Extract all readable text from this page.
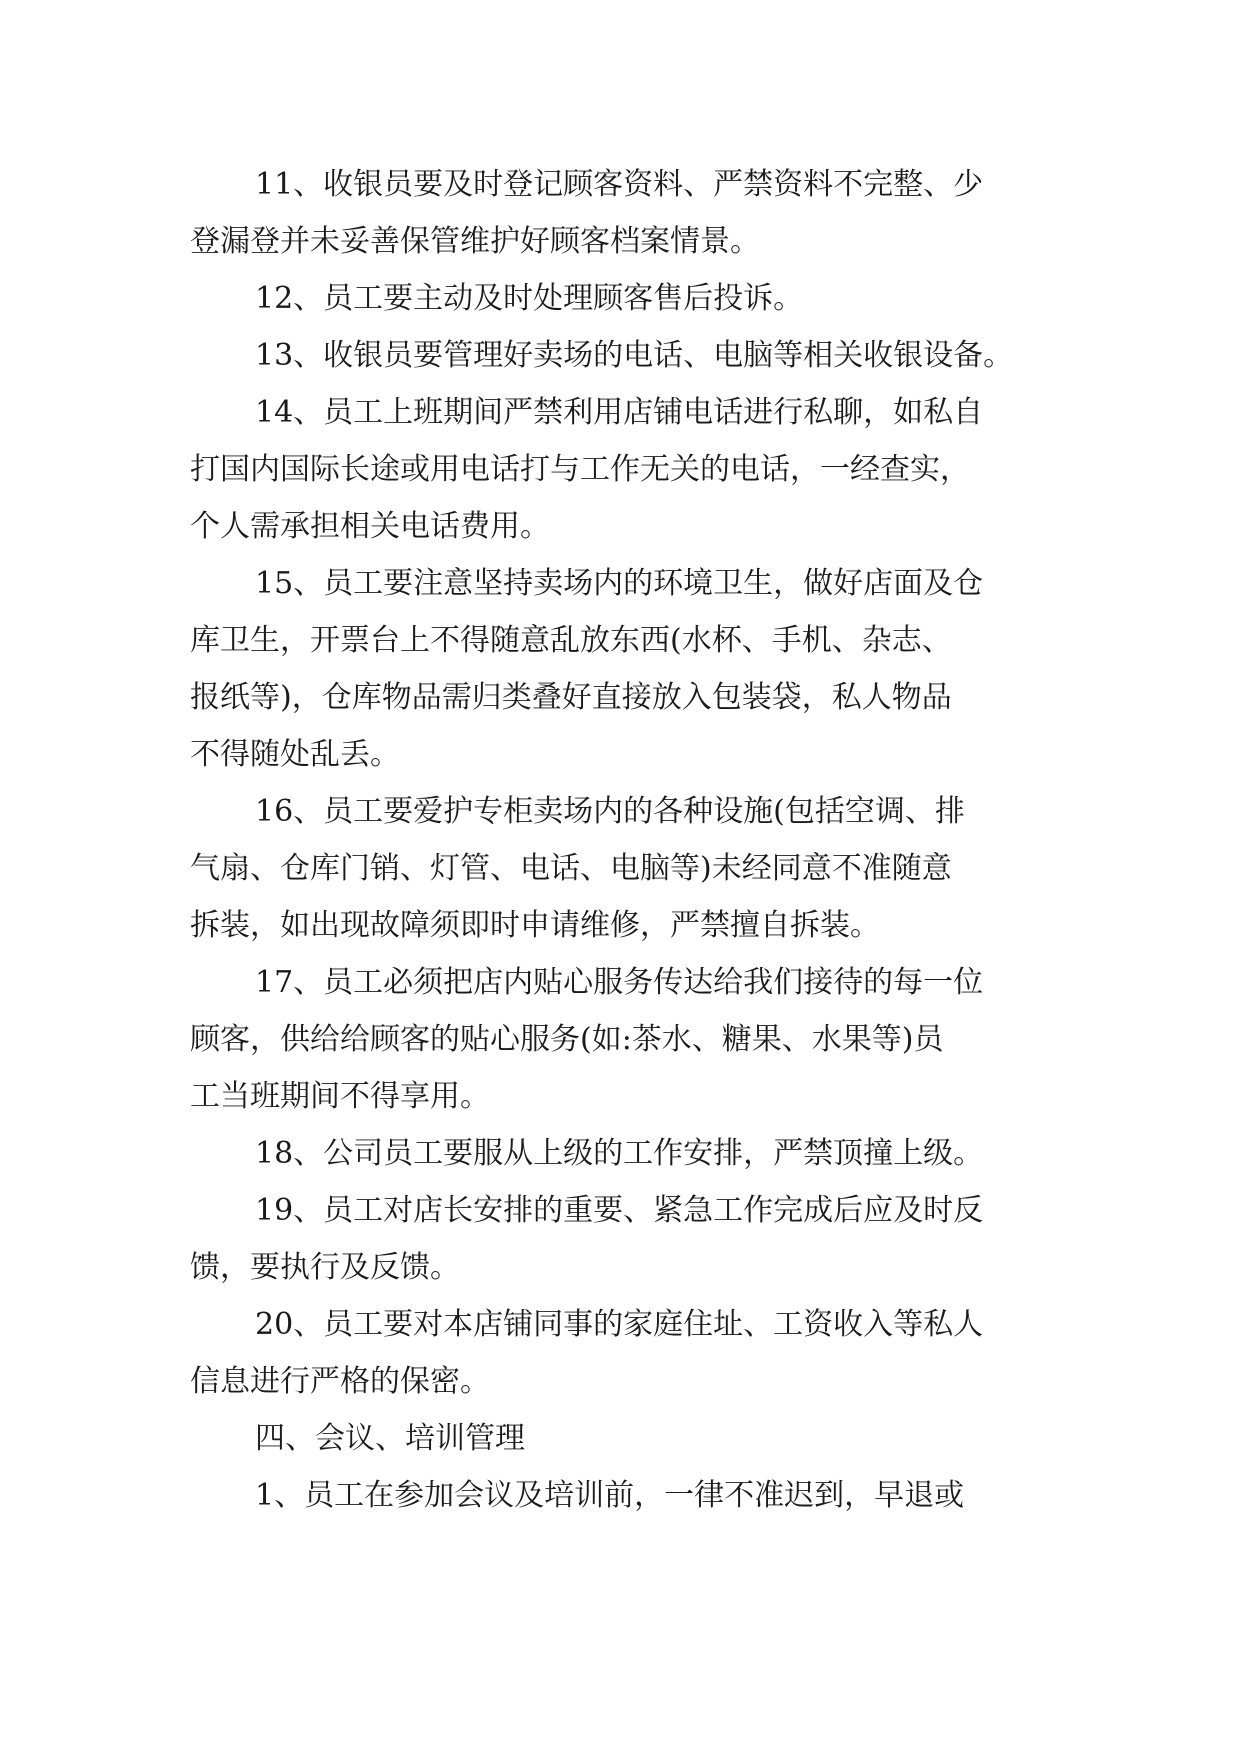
11、收银员要及时登记顾客资料、严禁资料不完整、少
登漏登并未妥善保管维护好顾客档案情景。
12、员工要主动及时处理顾客售后投诉。
13、收银员要管理好卖场的电话、电脑等相关收银设备。
14、员工上班期间严禁利用店铺电话进行私聊，如私自
打国内国际长途或用电话打与工作无关的电话，一经查实，
个人需承担相关电话费用。
15、员工要注意坚持卖场内的环境卫生，做好店面及仓
库卫生，开票台上不得随意乱放东西(水杯、手机、杂志、
报纸等)，仓库物品需归类叠好直接放入包装袋，私人物品
不得随处乱丢。
16、员工要爱护专柜卖场内的各种设施(包括空调、排
气扇、仓库门销、灯管、电话、电脑等)未经同意不准随意
拆装，如出现故障须即时申请维修，严禁擅自拆装。
17、员工必须把店内贴心服务传达给我们接待的每一位
顾客，供给给顾客的贴心服务(如:茶水、糖果、水果等)员
工当班期间不得享用。
18、公司员工要服从上级的工作安排，严禁顶撞上级。
19、员工对店长安排的重要、紧急工作完成后应及时反
馈，要执行及反馈。
20、员工要对本店铺同事的家庭住址、工资收入等私人
信息进行严格的保密。
四、会议、培训管理
1、员工在参加会议及培训前，一律不准迟到，早退或
